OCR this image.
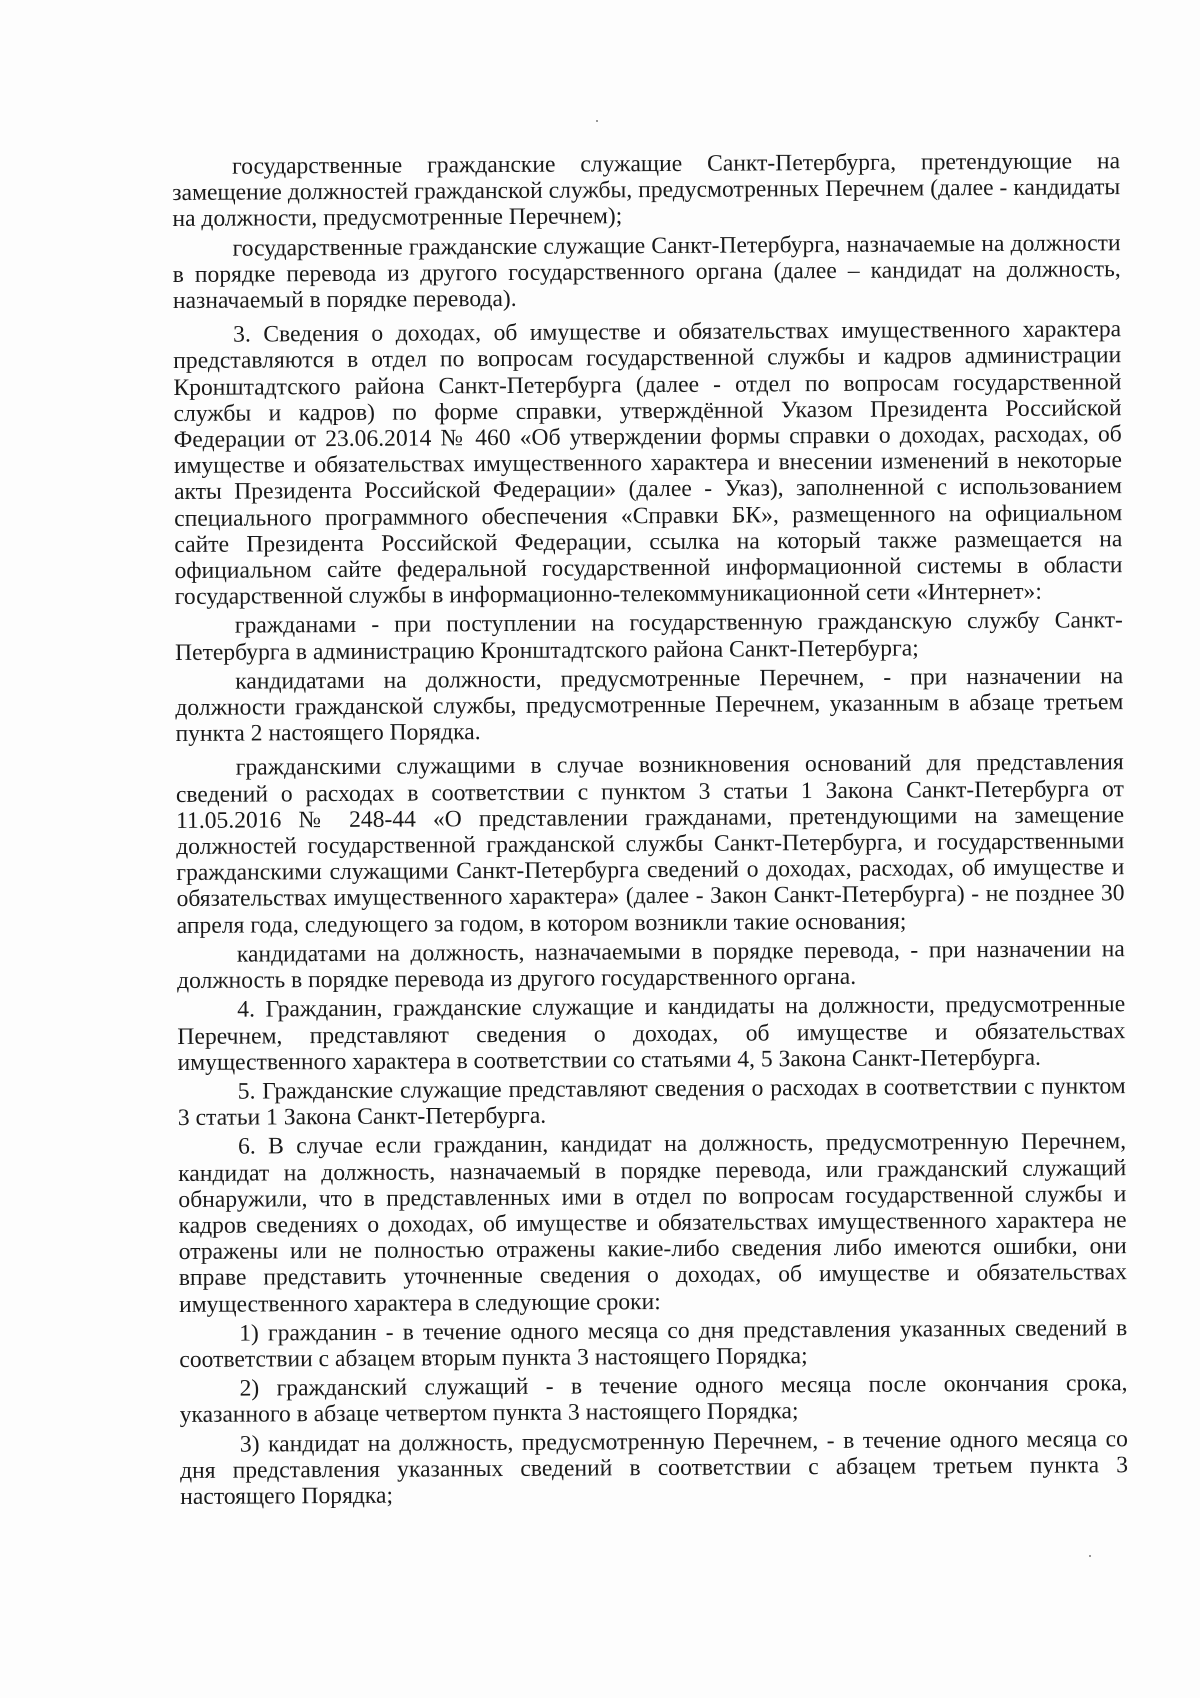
государственные гражданские служащие Санкт-Петербурга, претендующие на замещение должностей гражданской службы, предусмотренных Перечнем (далее - кандидаты на должности, предусмотренные Перечнем);

государственные гражданские служащие Санкт-Петербурга, назначаемые на должности в порядке перевода из другого государственного органа (далее – кандидат на должность, назначаемый в порядке перевода).

3. Сведения о доходах, об имуществе и обязательствах имущественного характера представляются в отдел по вопросам государственной службы и кадров администрации Кронштадтского района Санкт-Петербурга (далее - отдел по вопросам государственной службы и кадров) по форме справки, утверждённой Указом Президента Российской Федерации от 23.06.2014 № 460 «Об утверждении формы справки о доходах, расходах, об имуществе и обязательствах имущественного характера и внесении изменений в некоторые акты Президента Российской Федерации» (далее - Указ), заполненной с использованием специального программного обеспечения «Справки БК», размещенного на официальном сайте Президента Российской Федерации, ссылка на который также размещается на официальном сайте федеральной государственной информационной системы в области государственной службы в информационно-телекоммуникационной сети «Интернет»:

гражданами - при поступлении на государственную гражданскую службу Санкт-Петербурга в администрацию Кронштадтского района Санкт-Петербурга;

кандидатами на должности, предусмотренные Перечнем, - при назначении на должности гражданской службы, предусмотренные Перечнем, указанным в абзаце третьем пункта 2 настоящего Порядка.

гражданскими служащими в случае возникновения оснований для представления сведений о расходах в соответствии с пунктом 3 статьи 1 Закона Санкт-Петербурга от 11.05.2016 № 248-44 «О представлении гражданами, претендующими на замещение должностей государственной гражданской службы Санкт-Петербурга, и государственными гражданскими служащими Санкт-Петербурга сведений о доходах, расходах, об имуществе и обязательствах имущественного характера» (далее - Закон Санкт-Петербурга) - не позднее 30 апреля года, следующего за годом, в котором возникли такие основания;

кандидатами на должность, назначаемыми в порядке перевода, - при назначении на должность в порядке перевода из другого государственного органа.

4. Гражданин, гражданские служащие и кандидаты на должности, предусмотренные Перечнем, представляют сведения о доходах, об имуществе и обязательствах имущественного характера в соответствии со статьями 4, 5 Закона Санкт-Петербурга.

5. Гражданские служащие представляют сведения о расходах в соответствии с пунктом 3 статьи 1 Закона Санкт-Петербурга.

6. В случае если гражданин, кандидат на должность, предусмотренную Перечнем, кандидат на должность, назначаемый в порядке перевода, или гражданский служащий обнаружили, что в представленных ими в отдел по вопросам государственной службы и кадров сведениях о доходах, об имуществе и обязательствах имущественного характера не отражены или не полностью отражены какие-либо сведения либо имеются ошибки, они вправе представить уточненные сведения о доходах, об имуществе и обязательствах имущественного характера в следующие сроки:

1) гражданин - в течение одного месяца со дня представления указанных сведений в соответствии с абзацем вторым пункта 3 настоящего Порядка;

2) гражданский служащий - в течение одного месяца после окончания срока, указанного в абзаце четвертом пункта 3 настоящего Порядка;

3) кандидат на должность, предусмотренную Перечнем, - в течение одного месяца со дня представления указанных сведений в соответствии с абзацем третьем пункта 3 настоящего Порядка;
